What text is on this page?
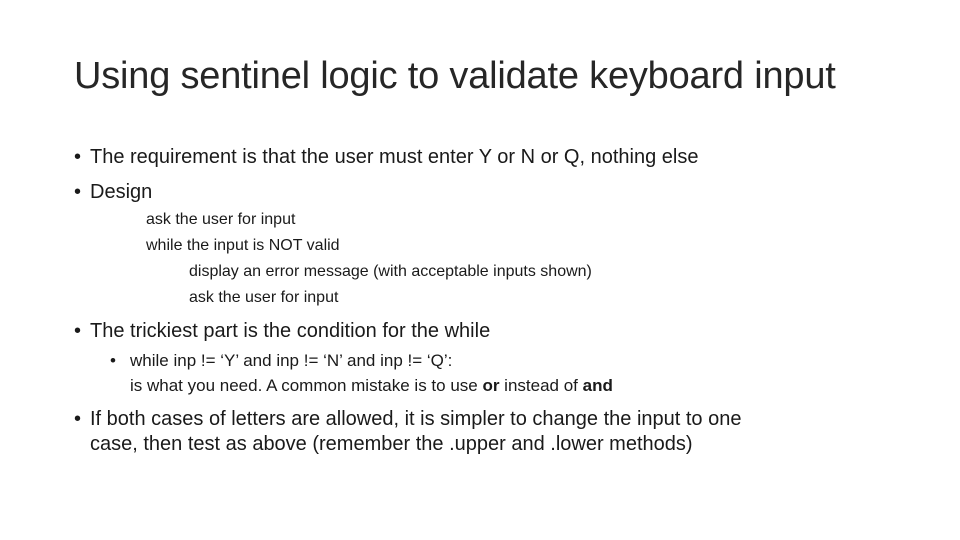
Using sentinel logic to validate keyboard input
• The requirement is that the user must enter Y or N or Q, nothing else
• Design
ask the user for input
while the input is NOT valid
display an error message (with acceptable inputs shown)
ask the user for input
• The trickiest part is the condition for the while
• while inp != ‘Y’ and inp != ‘N’ and inp != ‘Q’:
is what you need. A common mistake is to use or instead of and
• If both cases of letters are allowed, it is simpler to change the input to one
case, then test as above (remember the .upper and .lower methods)
